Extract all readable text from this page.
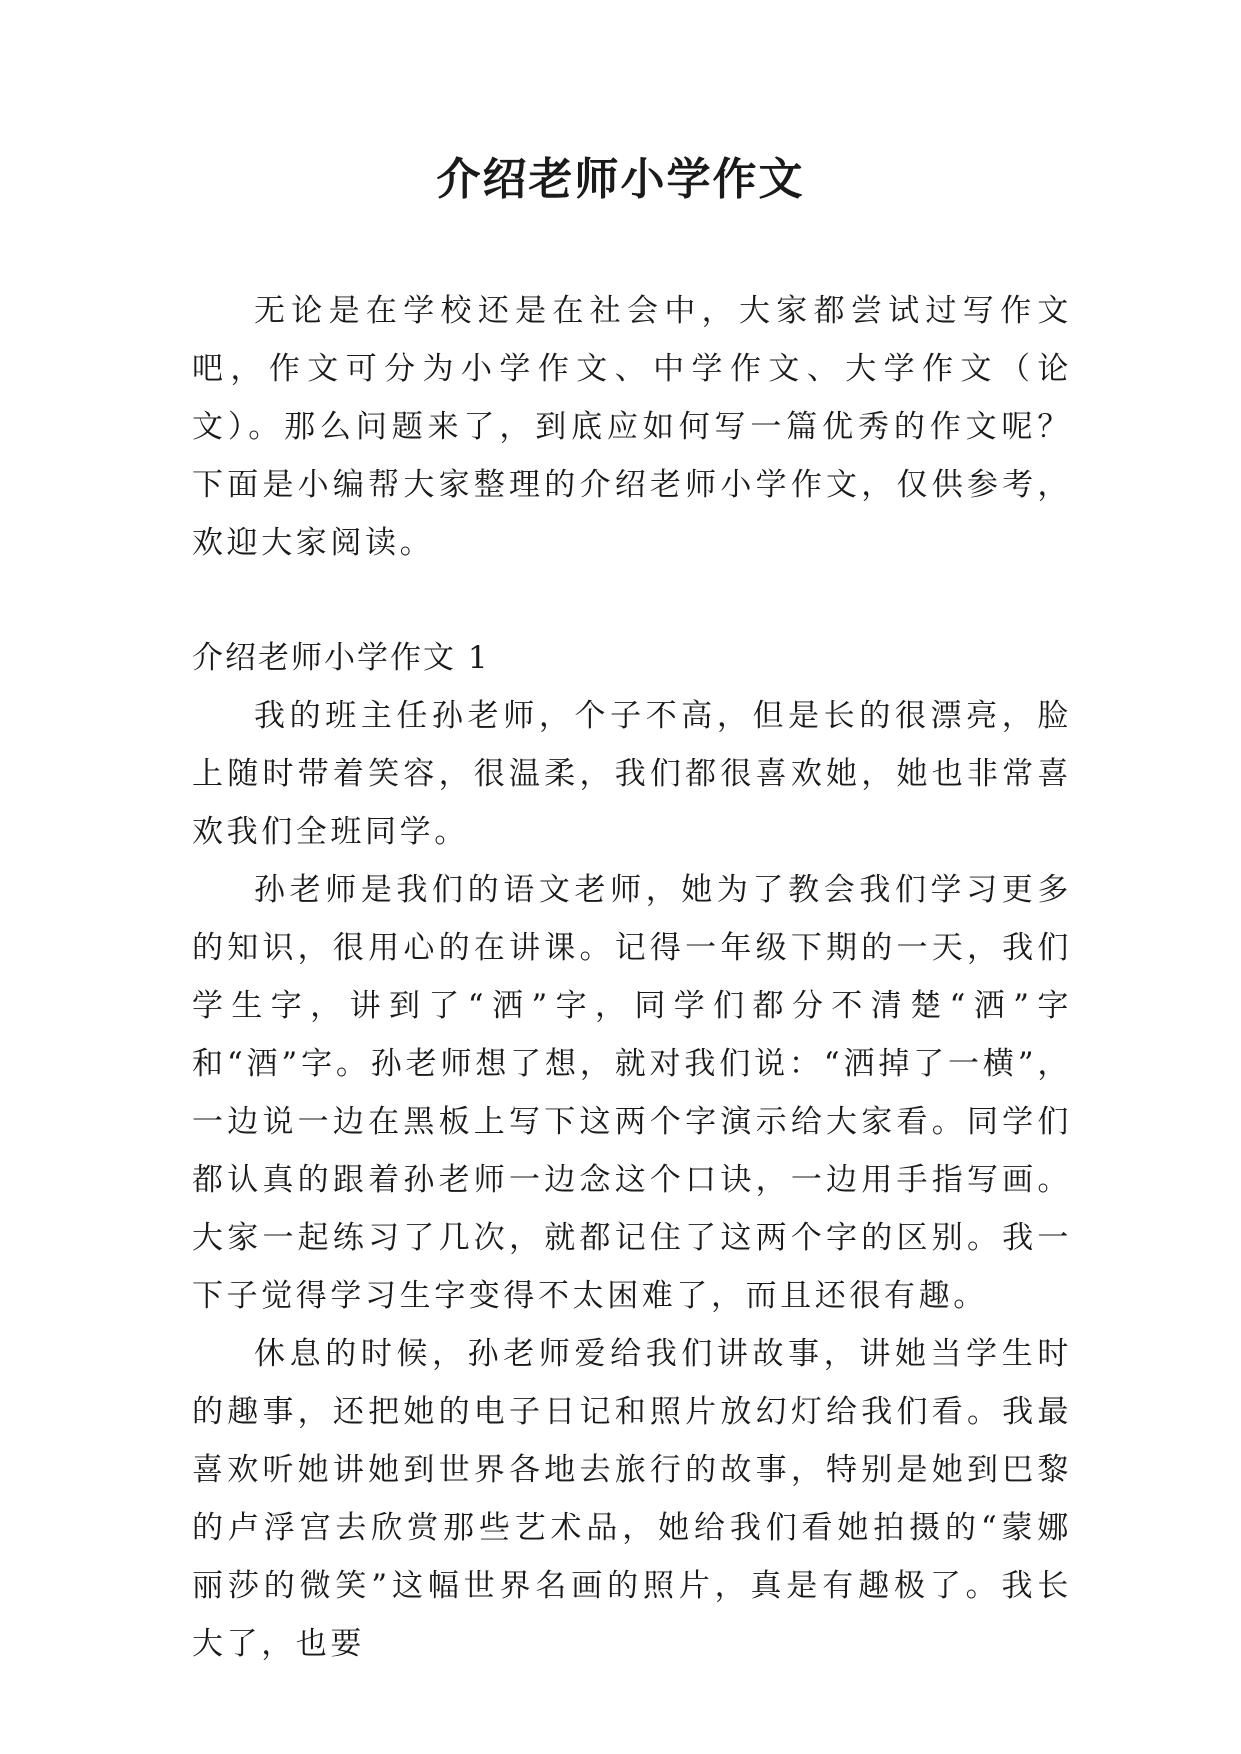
介绍老师小学作文

无论是在学校还是在社会中，大家都尝试过写作文吧，作文可分为小学作文、中学作文、大学作文（论文）。那么问题来了，到底应如何写一篇优秀的作文呢？下面是小编帮大家整理的介绍老师小学作文，仅供参考，欢迎大家阅读。

介绍老师小学作文 1

我的班主任孙老师，个子不高，但是长的很漂亮，脸上随时带着笑容，很温柔，我们都很喜欢她，她也非常喜欢我们全班同学。

孙老师是我们的语文老师，她为了教会我们学习更多的知识，很用心的在讲课。记得一年级下期的一天，我们学生字，讲到了“洒”字，同学们都分不清楚“洒”字和“酒”字。孙老师想了想，就对我们说：“洒掉了一横”，一边说一边在黑板上写下这两个字演示给大家看。同学们都认真的跟着孙老师一边念这个口诀，一边用手指写画。大家一起练习了几次，就都记住了这两个字的区别。我一下子觉得学习生字变得不太困难了，而且还很有趣。

休息的时候，孙老师爱给我们讲故事，讲她当学生时的趣事，还把她的电子日记和照片放幻灯给我们看。我最喜欢听她讲她到世界各地去旅行的故事，特别是她到巴黎的卢浮宫去欣赏那些艺术品，她给我们看她拍摄的“蒙娜丽莎的微笑”这幅世界名画的照片，真是有趣极了。我长大了，也要
